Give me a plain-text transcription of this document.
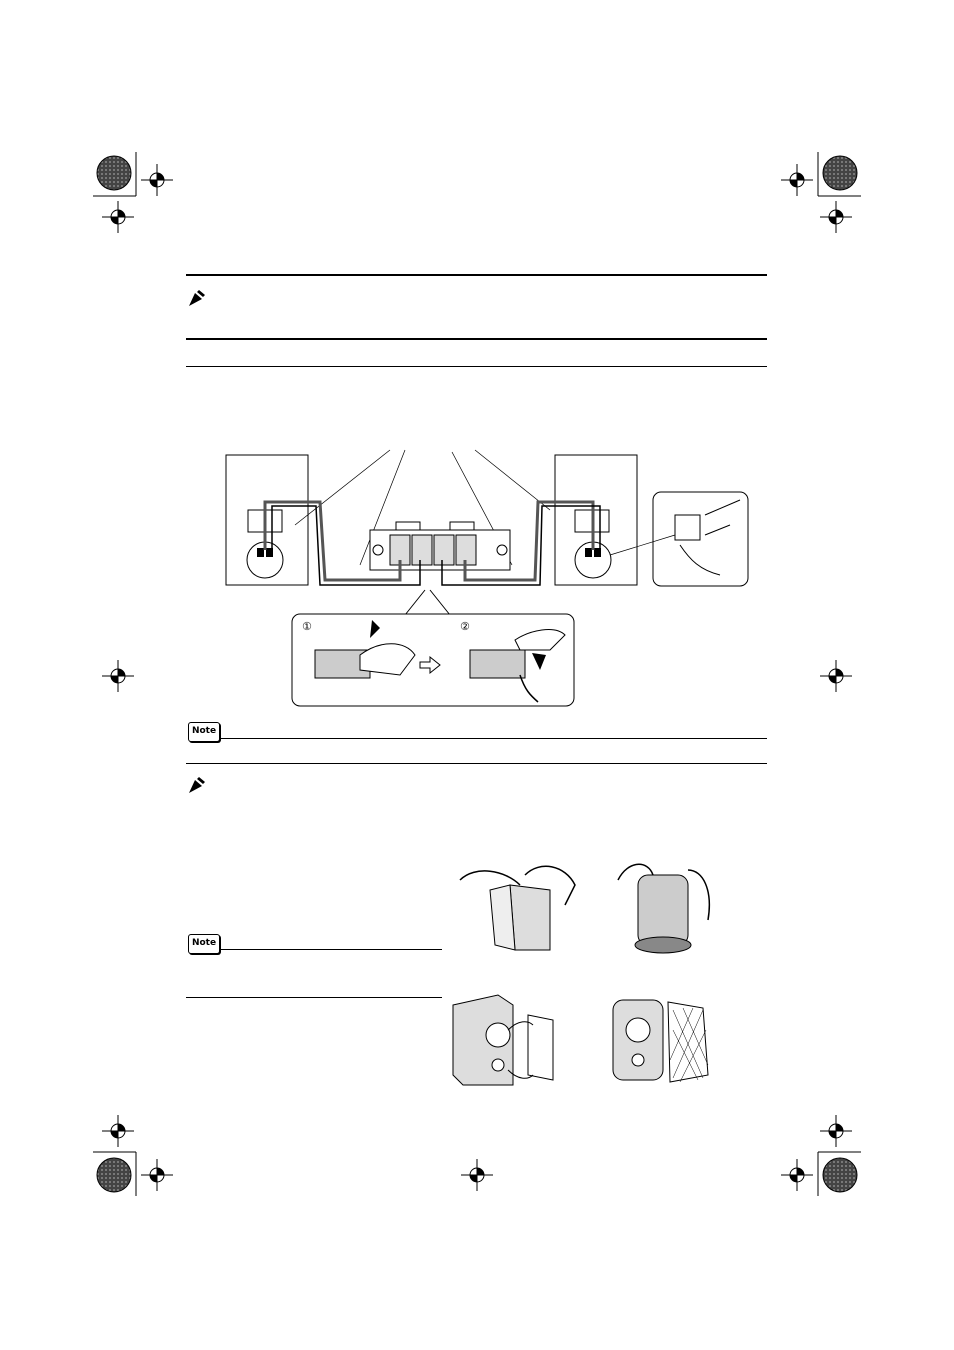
①	②
Note
Note
